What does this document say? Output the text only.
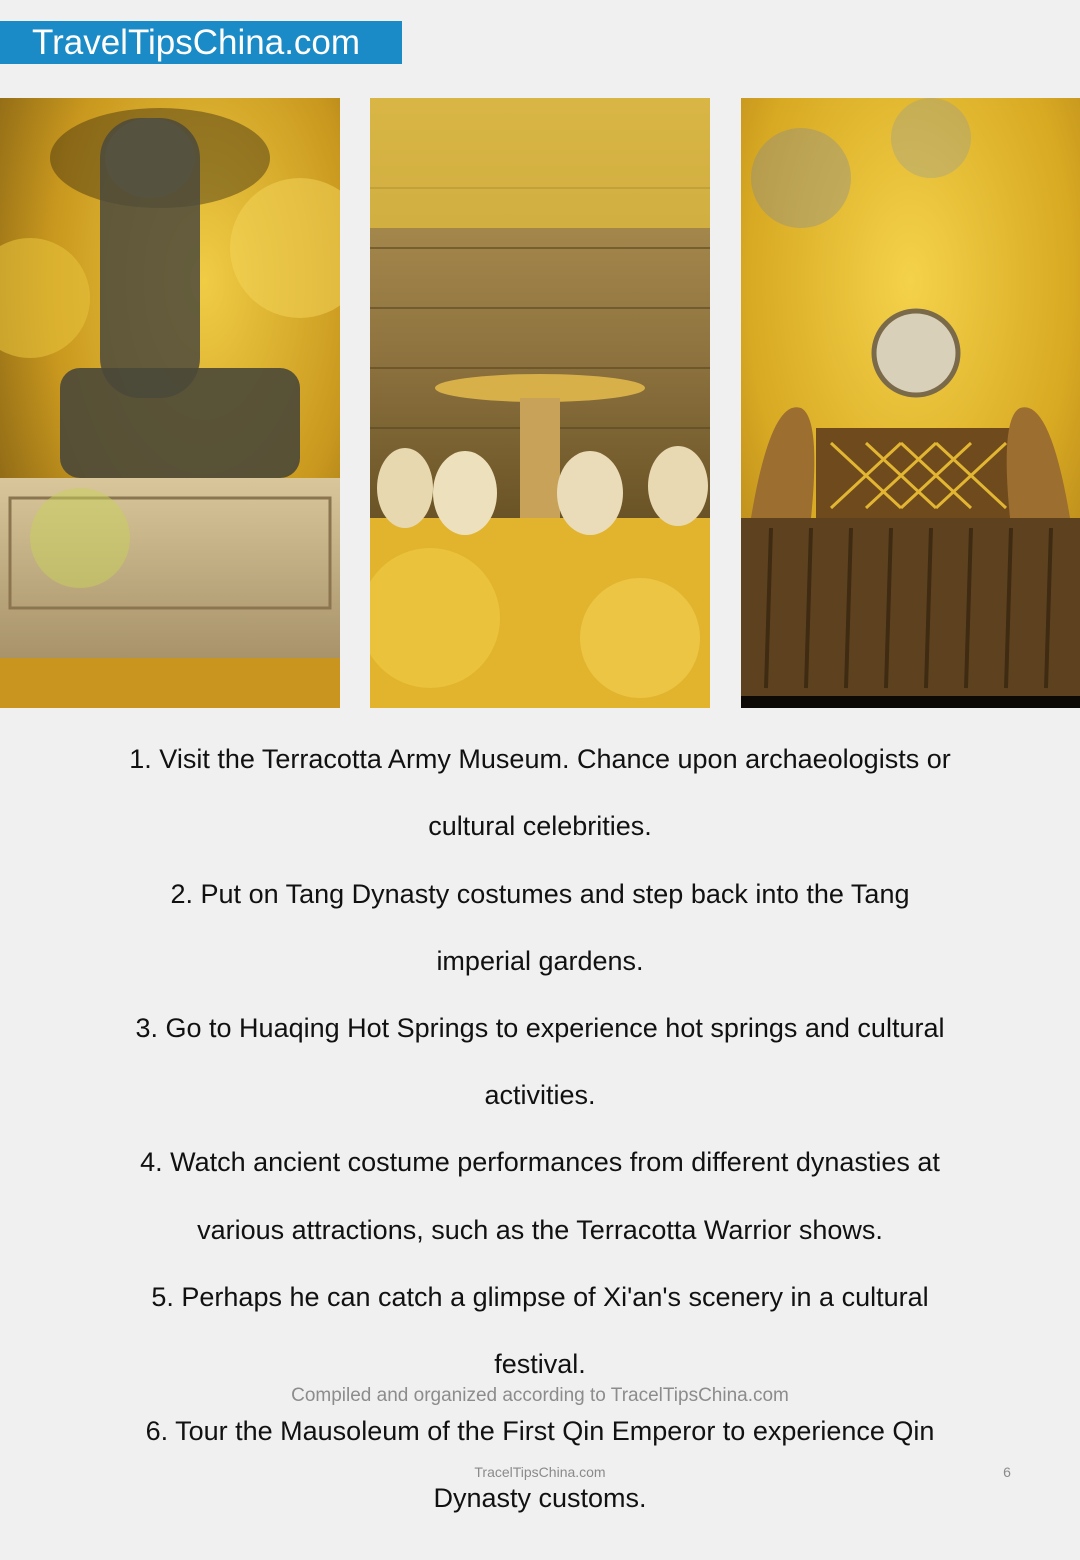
TravelTipsChina.com
1. Visit the Terracotta Army Museum. Chance upon archaeologists or
cultural celebrities.
2. Put on Tang Dynasty costumes and step back into the Tang
imperial gardens.
3. Go to Huaqing Hot Springs to experience hot springs and cultural
activities.
4. Watch ancient costume performances from different dynasties at
various attractions, such as the Terracotta Warrior shows.
5. Perhaps he can catch a glimpse of Xi'an's scenery in a cultural
festival.
6. Tour the Mausoleum of the First Qin Emperor to experience Qin
Dynasty customs.
Compiled and organized according to TracelTipsChina.com
TracelTipsChina.com	6
